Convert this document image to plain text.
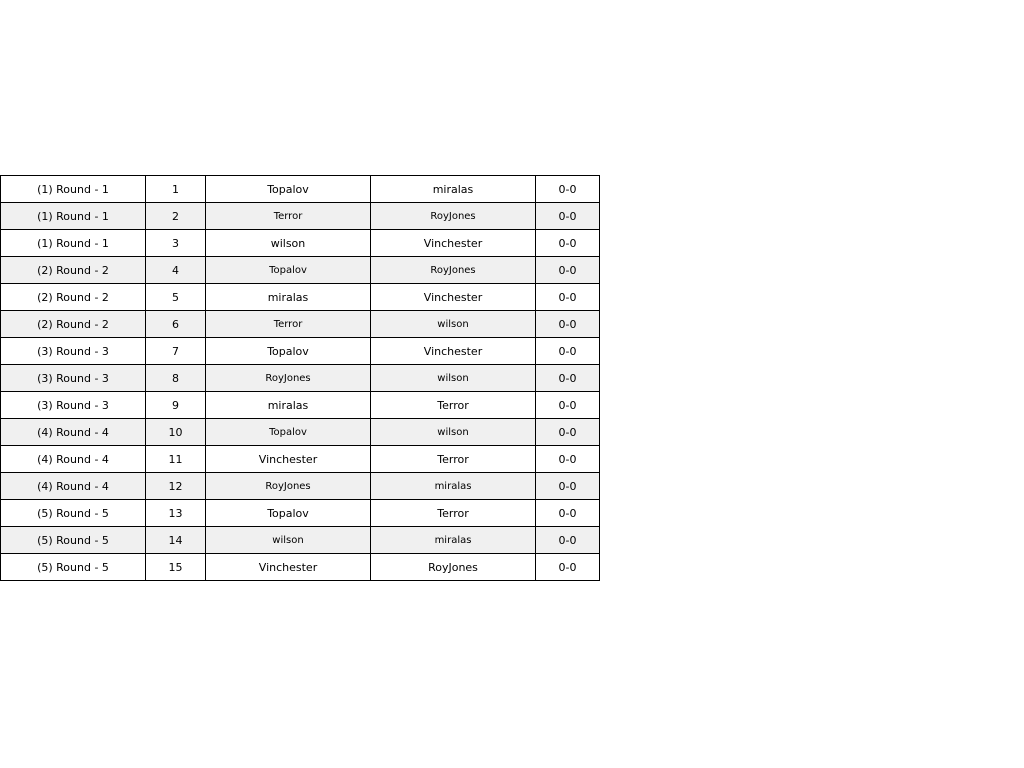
(1) Round - 1	1	Topalov	miralas	0-0
(1) Round - 1	2	Terror	RoyJones	0-0
(1) Round - 1	3	wilson	Vinchester	0-0
(2) Round - 2	4	Topalov	RoyJones	0-0
(2) Round - 2	5	miralas	Vinchester	0-0
(2) Round - 2	6	Terror	wilson	0-0
(3) Round - 3	7	Topalov	Vinchester	0-0
(3) Round - 3	8	RoyJones	wilson	0-0
(3) Round - 3	9	miralas	Terror	0-0
(4) Round - 4	10	Topalov	wilson	0-0
(4) Round - 4	11	Vinchester	Terror	0-0
(4) Round - 4	12	RoyJones	miralas	0-0
(5) Round - 5	13	Topalov	Terror	0-0
(5) Round - 5	14	wilson	miralas	0-0
(5) Round - 5	15	Vinchester	RoyJones	0-0
